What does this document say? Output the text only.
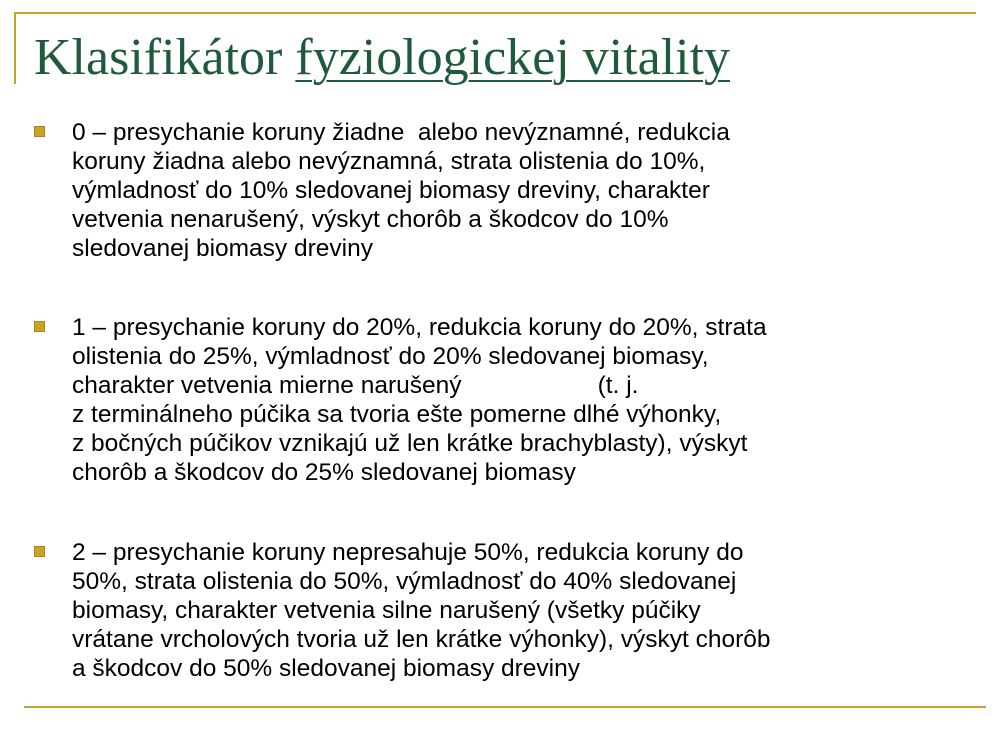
Klasifikátor fyziologickej vitality
0 – presychanie koruny žiadne  alebo nevýznamné, redukcia
koruny žiadna alebo nevýznamná, strata olistenia do 10%,
výmladnosť do 10% sledovanej biomasy dreviny, charakter
vetvenia nenarušený, výskyt chorôb a škodcov do 10%
sledovanej biomasy dreviny
1 – presychanie koruny do 20%, redukcia koruny do 20%, strata
olistenia do 25%, výmladnosť do 20% sledovanej biomasy,
charakter vetvenia mierne narušený                    (t. j.
z terminálneho púčika sa tvoria ešte pomerne dlhé výhonky,
z bočných púčikov vznikajú už len krátke brachyblasty), výskyt
chorôb a škodcov do 25% sledovanej biomasy
2 – presychanie koruny nepresahuje 50%, redukcia koruny do
50%, strata olistenia do 50%, výmladnosť do 40% sledovanej
biomasy, charakter vetvenia silne narušený (všetky púčiky
vrátane vrcholových tvoria už len krátke výhonky), výskyt chorôb
a škodcov do 50% sledovanej biomasy dreviny
